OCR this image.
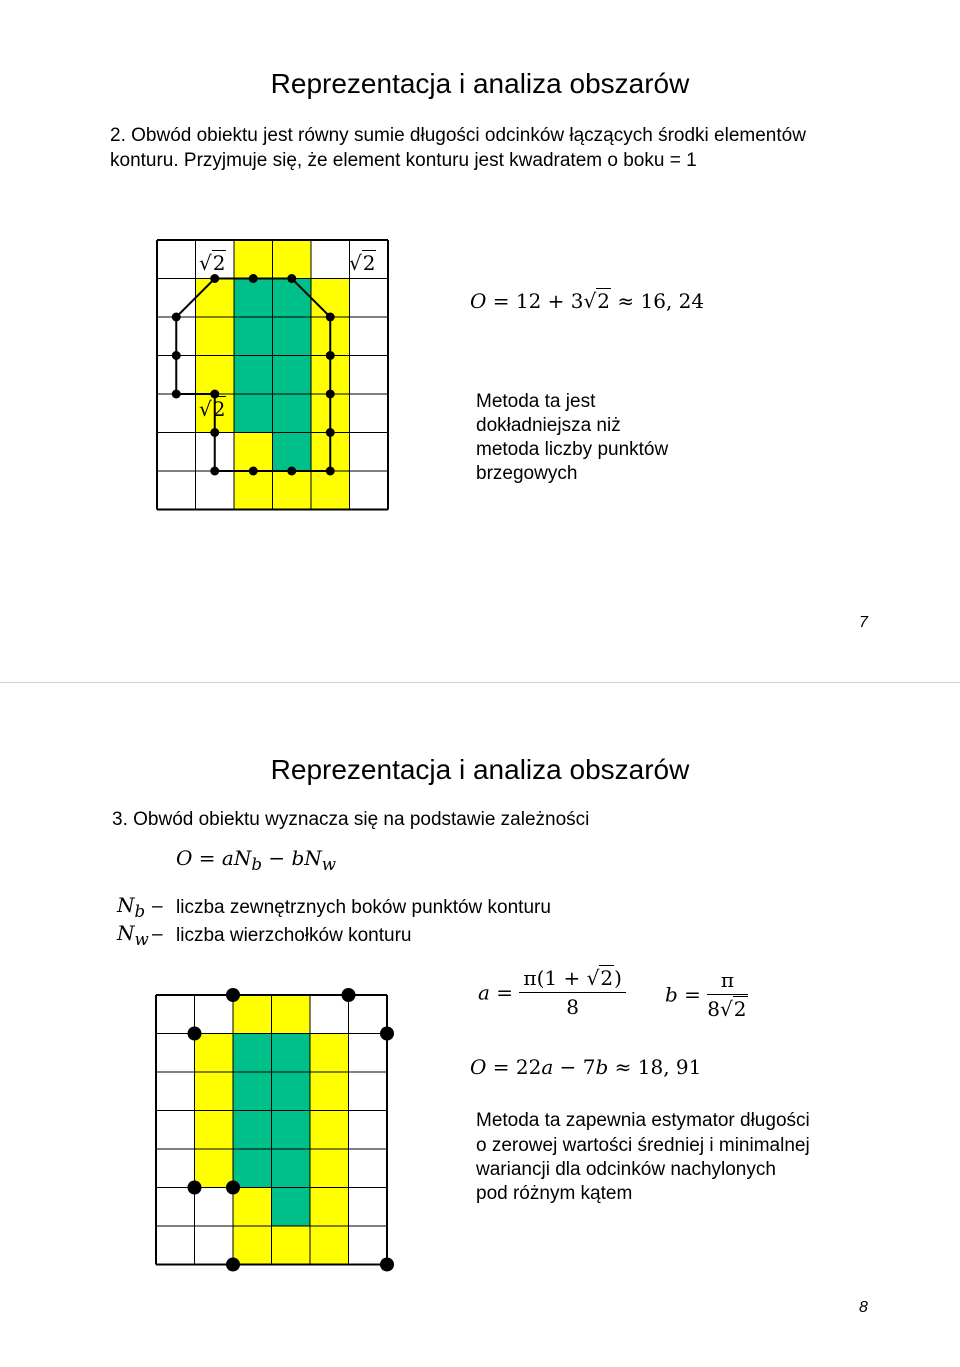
Reprezentacja i analiza obszarów
2. Obwód obiektu jest równy sumie długości odcinków łączących środki elementów
konturu. Przyjmuje się, że element konturu jest kwadratem o boku = 1
√2	√2
√2
O = 12 + 3√2 ≈ 16, 24
Metoda ta jest
dokładniejsza niż
metoda liczby punktów
brzegowych
7
Reprezentacja i analiza obszarów
3. Obwód obiektu wyznacza się na podstawie zależności
$O = aN_b - bN_w$
$N_b$ – liczba zewnętrznych boków punktów konturu
$N_w$ – liczba wierzchołków konturu
$a = \frac{\pi(1 + √2)}{8}$ $b = \frac{\pi}{8√2}$
O = 22a − 7b ≈ 18, 91
Metoda ta zapewnia estymator długości
o zerowej wartości średniej i minimalnej
wariancji dla odcinków nachylonych
pod różnym kątem
8
